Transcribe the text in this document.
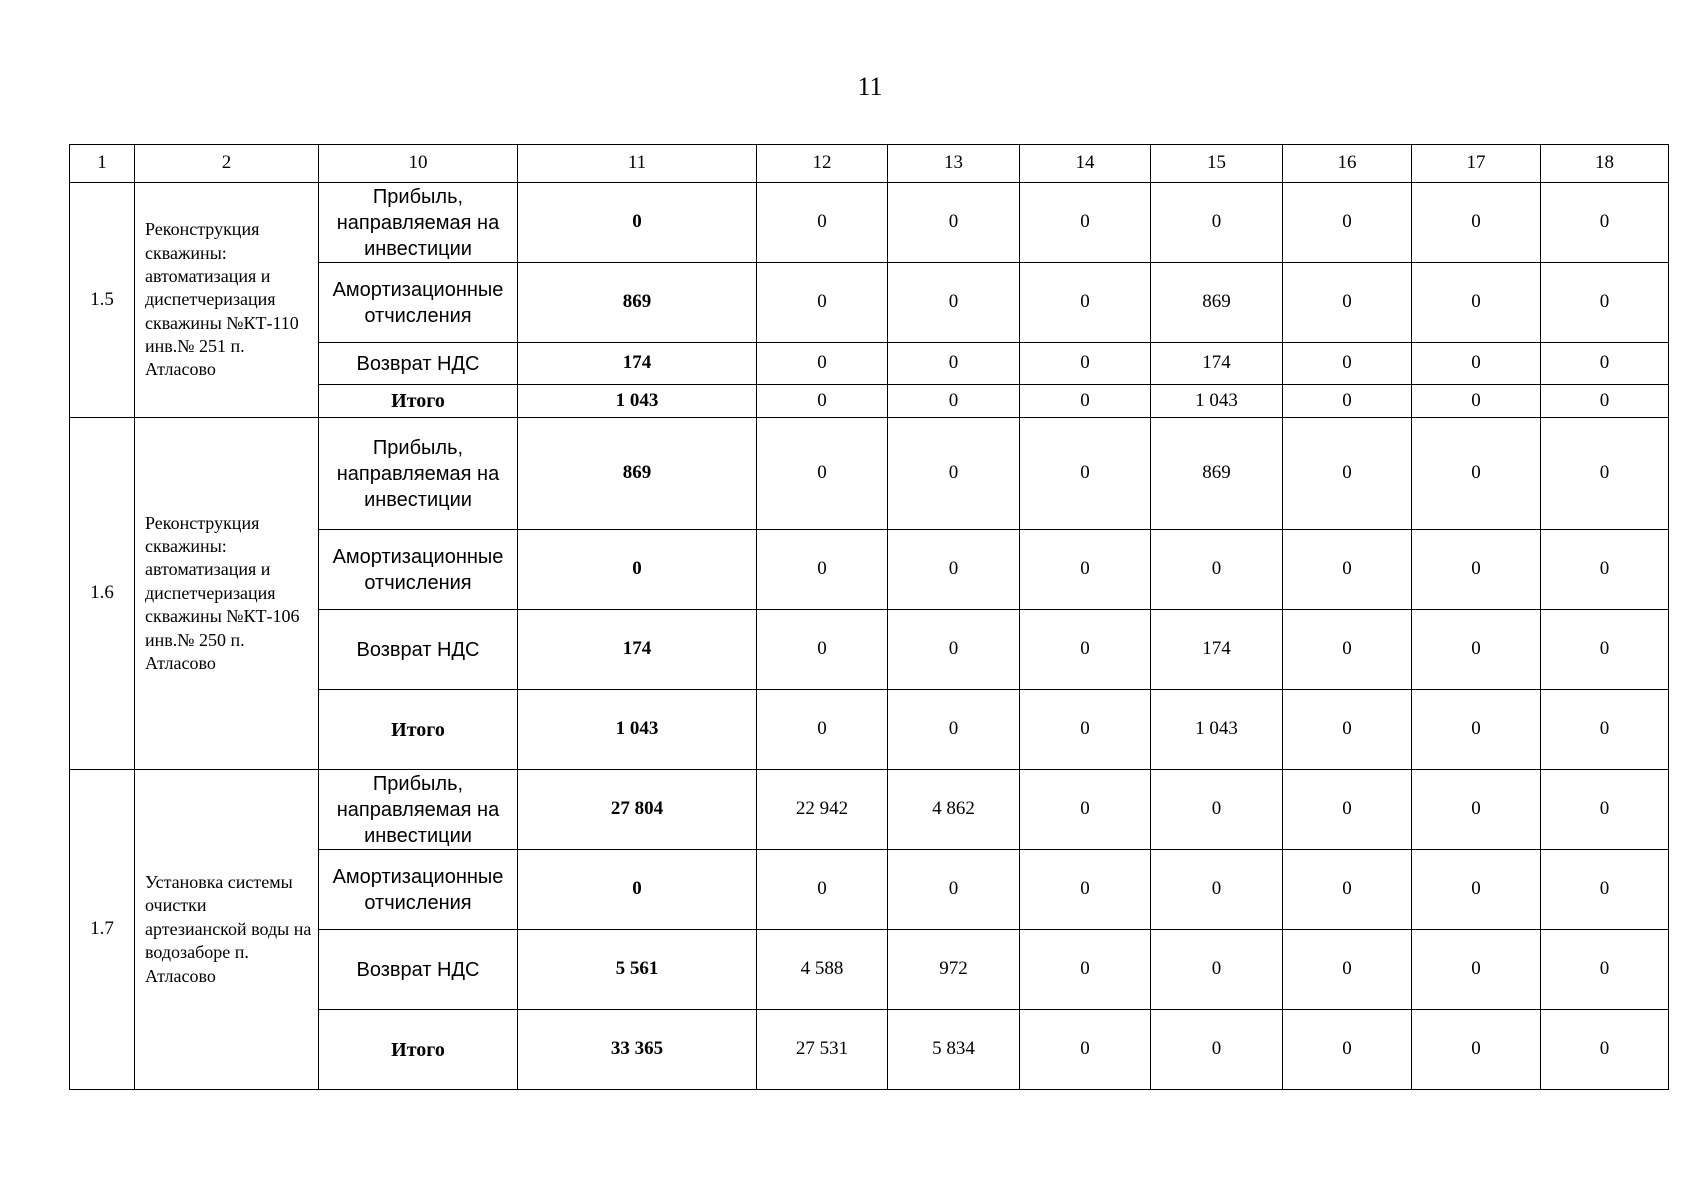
11
1	2	10	11	12	13	14	15	16	17	18
1.5	Реконструкция скважины: автоматизация и диспетчеризация скважины №КТ-110 инв.№ 251 п. Атласово	Прибыль, направляемая на инвестиции	0	0	0	0	0	0	0	0
		Амортизационные отчисления	869	0	0	0	869	0	0	0
		Возврат НДС	174	0	0	0	174	0	0	0
		Итого	1 043	0	0	0	1 043	0	0	0
1.6	Реконструкция скважины: автоматизация и диспетчеризация скважины №КТ-106 инв.№ 250 п. Атласово	Прибыль, направляемая на инвестиции	869	0	0	0	869	0	0	0
		Амортизационные отчисления	0	0	0	0	0	0	0	0
		Возврат НДС	174	0	0	0	174	0	0	0
		Итого	1 043	0	0	0	1 043	0	0	0
1.7	Установка системы очистки артезианской воды на водозаборе п. Атласово	Прибыль, направляемая на инвестиции	27 804	22 942	4 862	0	0	0	0	0
		Амортизационные отчисления	0	0	0	0	0	0	0	0
		Возврат НДС	5 561	4 588	972	0	0	0	0	0
		Итого	33 365	27 531	5 834	0	0	0	0	0
